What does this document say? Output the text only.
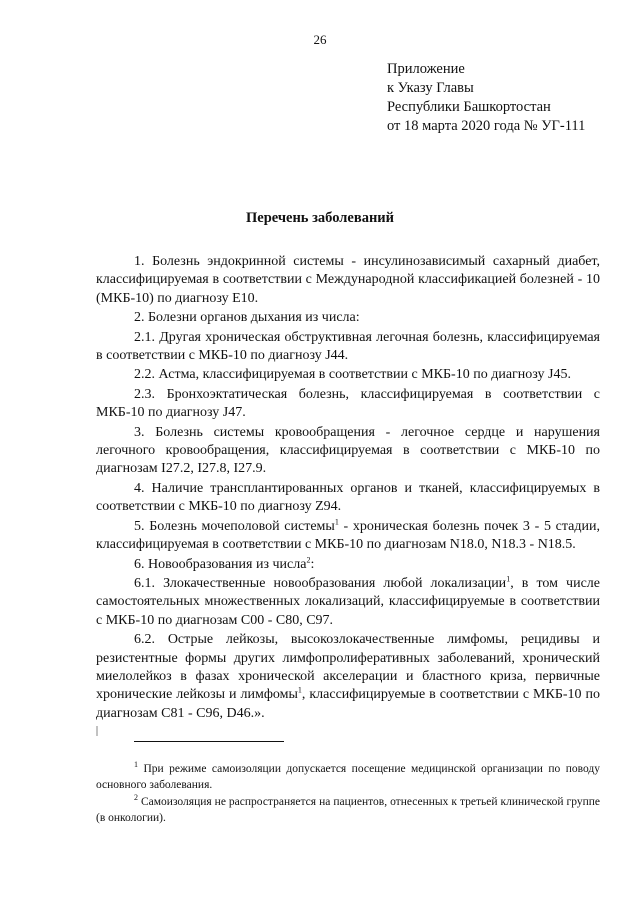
26
Приложение
к Указу Главы
Республики Башкортостан
от 18 марта 2020 года № УГ-111
Перечень заболеваний

1. Болезнь эндокринной системы - инсулинозависимый сахарный диабет, классифицируемая в соответствии с Международной классификацией болезней - 10 (МКБ-10) по диагнозу Е10.

2. Болезни органов дыхания из числа:

2.1. Другая хроническая обструктивная легочная болезнь, классифицируемая в соответствии с МКБ-10 по диагнозу J44.

2.2. Астма, классифицируемая в соответствии с МКБ-10 по диагнозу J45.

2.3. Бронхоэктатическая болезнь, классифицируемая в соответствии с МКБ-10 по диагнозу J47.

3. Болезнь системы кровообращения - легочное сердце и нарушения легочного кровообращения, классифицируемая в соответствии с МКБ-10 по диагнозам I27.2, I27.8, I27.9.

4. Наличие трансплантированных органов и тканей, классифицируемых в соответствии с МКБ-10 по диагнозу Z94.

5. Болезнь мочеполовой системы$^1$ - хроническая болезнь почек 3 - 5 стадии, классифицируемая в соответствии с МКБ-10 по диагнозам N18.0, N18.3 - N18.5.

6. Новообразования из числа$^2$:

6.1. Злокачественные новообразования любой локализации$^1$, в том числе самостоятельных множественных локализаций, классифицируемые в соответствии с МКБ-10 по диагнозам С00 - С80, С97.

6.2. Острые лейкозы, высокозлокачественные лимфомы, рецидивы и резистентные формы других лимфопролиферативных заболеваний, хронический миелолейкоз в фазах хронической акселерации и бластного криза, первичные хронические лейкозы и лимфомы$^1$, классифицируемые в соответствии с МКБ-10 по диагнозам С81 - С96, D46.».

$^1$ При режиме самоизоляции допускается посещение медицинской организации по поводу основного заболевания.

$^2$ Самоизоляция не распространяется на пациентов, отнесенных к третьей клинической группе (в онкологии).
